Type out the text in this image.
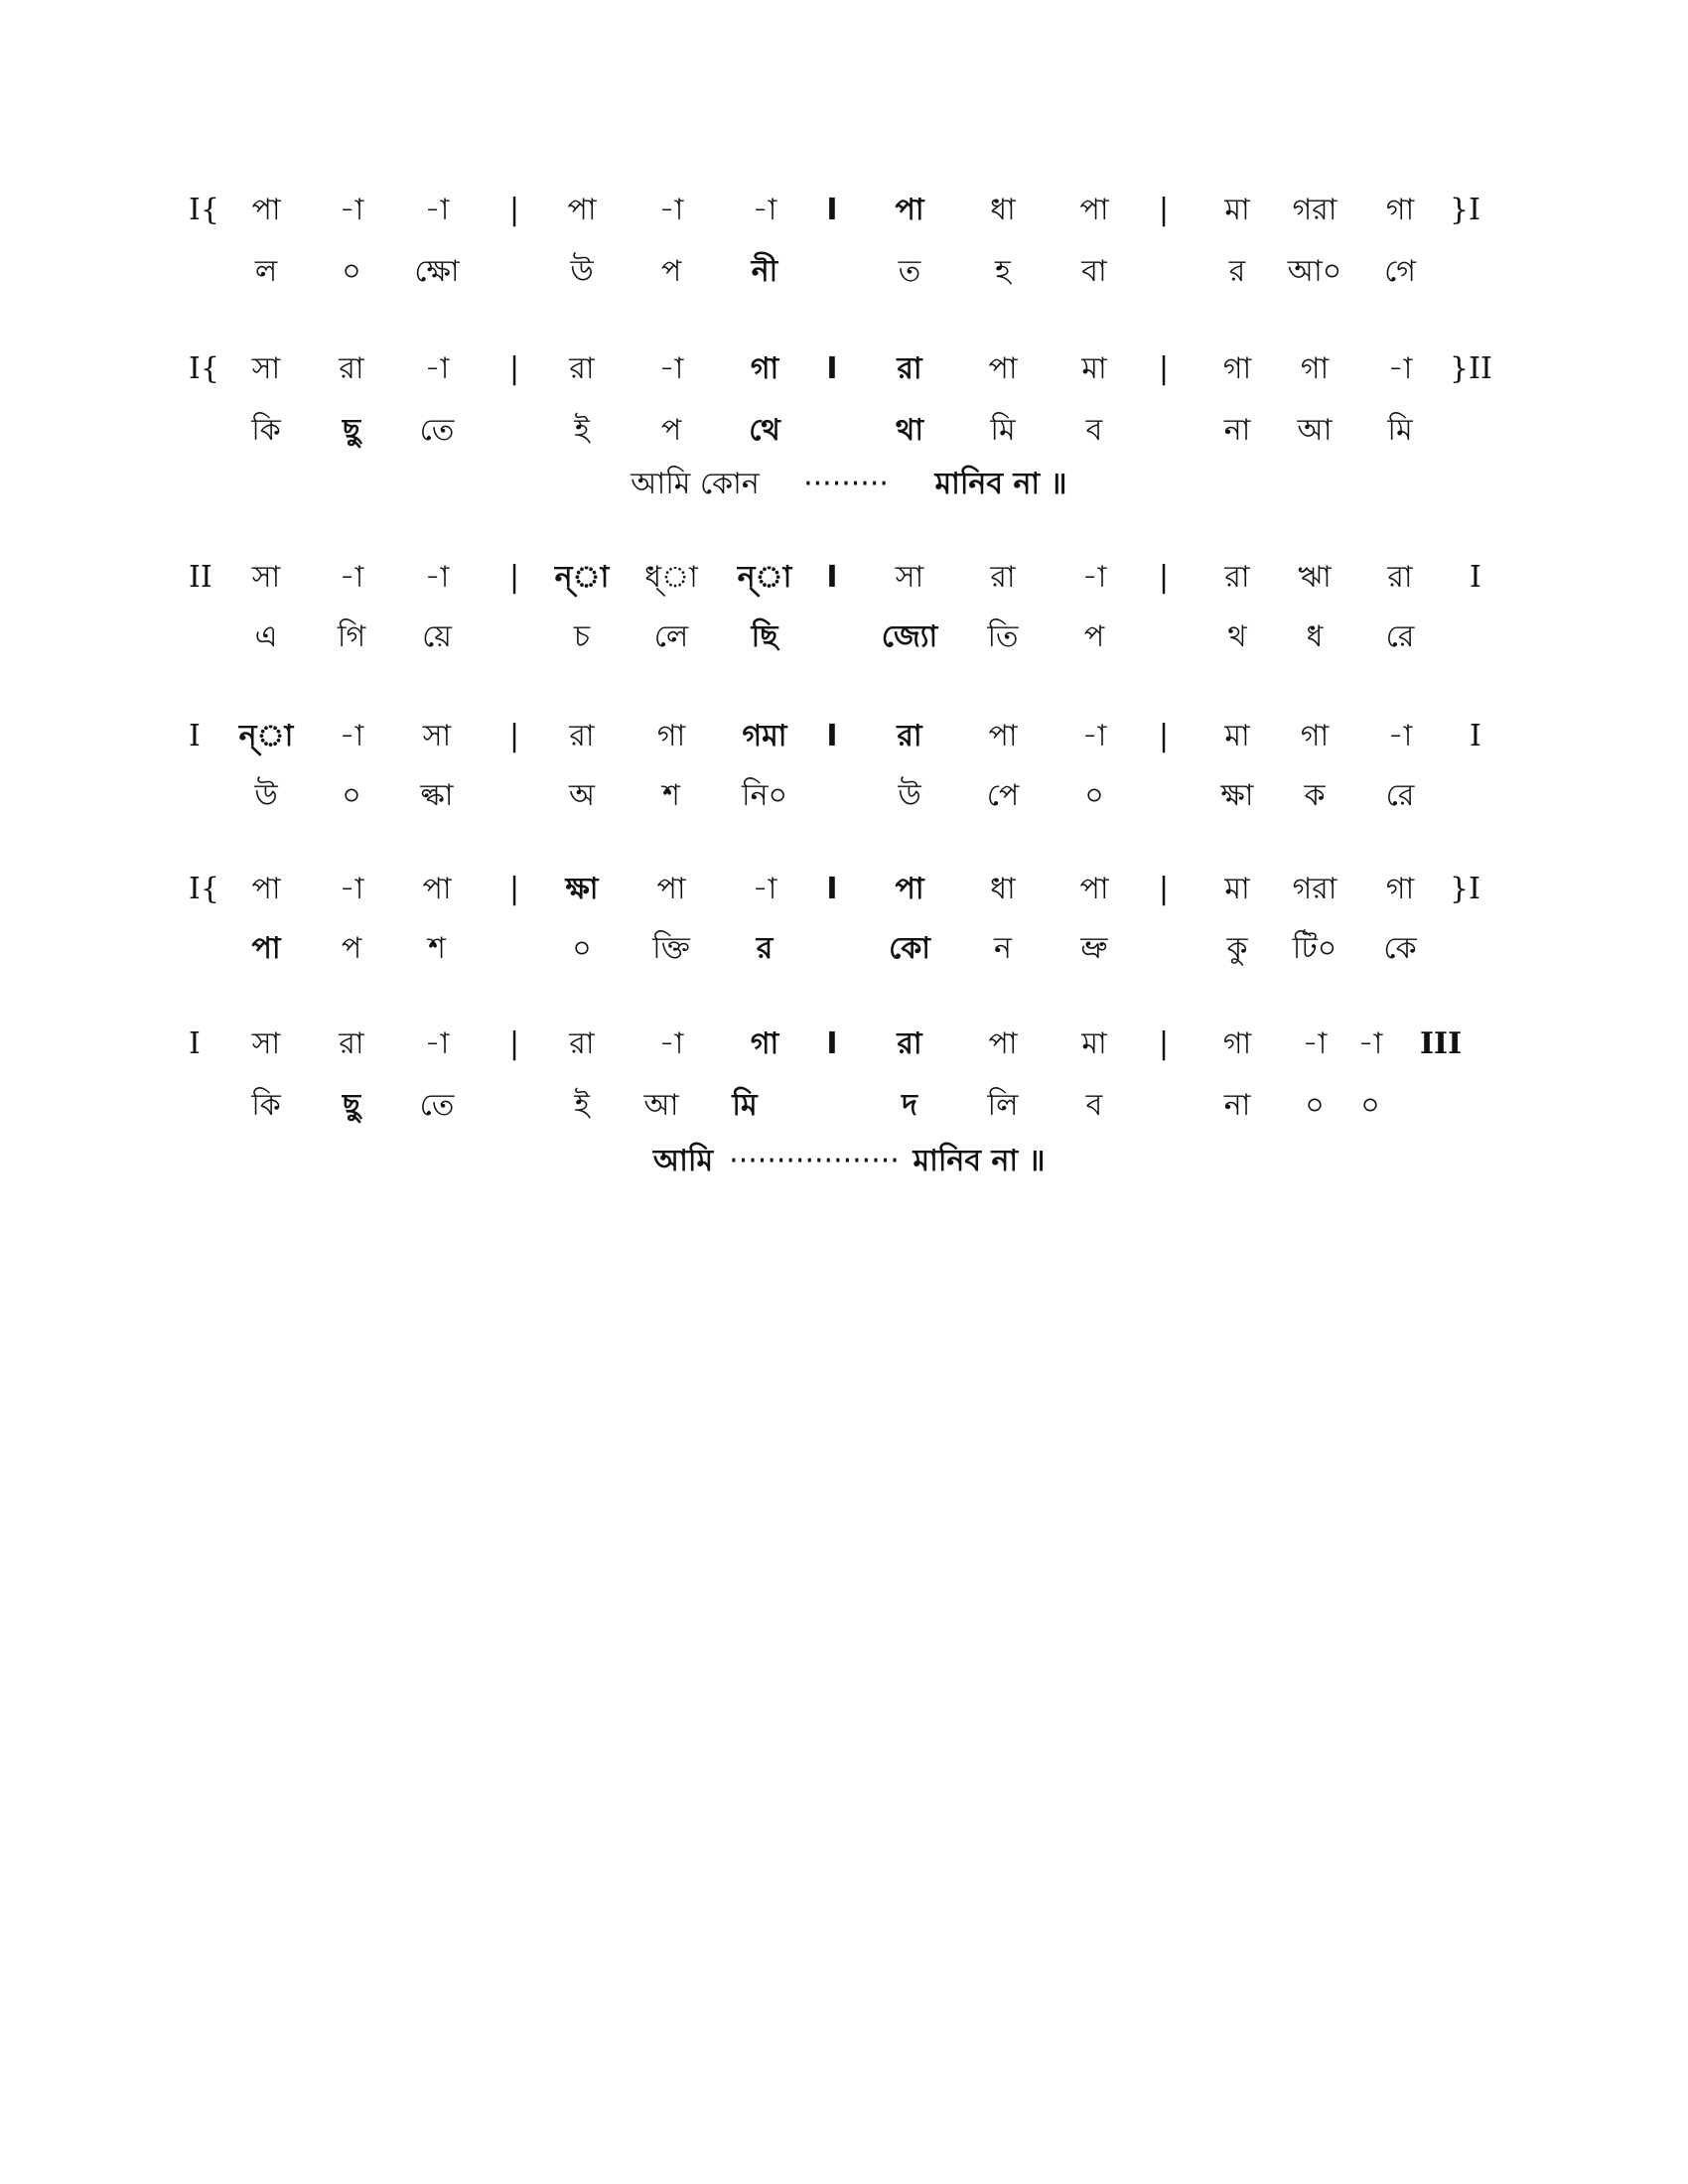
I{ পা -া -া | পা -া -া I পা ধা পা | মা গরা গা }I
ল ০ ক্ষো	উ প নী	ত হ বা	র আ০ গে
I{ সা রা -া | রা -া গা I রা পা মা | গা গা -া }II
কি ছু তে	ই প থে	থা মি ব	না আ মি
আমি কোন ········· মানিব না ॥
II সা -া -া | ন্া ধ্া ন্া I সা রা -া | রা ঋা রা I
এ গি য়ে	চ লে ছি	জ্যো তি প	থ ধ রে
I ন্া -া সা | রা গা গমা I রা পা -া | মা গা -া I
উ ০ ল্কা	অ শ নি০	উ পে ০	ক্ষা ক রে
I{ পা -া পা | ক্ষা পা -া I পা ধা পা | মা গরা গা }I
পা প শ	০ ক্তি র	কো ন ভ্রু	কু টি০ কে
I সা রা -া | রা -া গা I রা পা মা | গা -া -া III
কি ছু তে	ই আ মি	দ লি ব	না ০ ০
আমি ·················· মানিব না ॥
